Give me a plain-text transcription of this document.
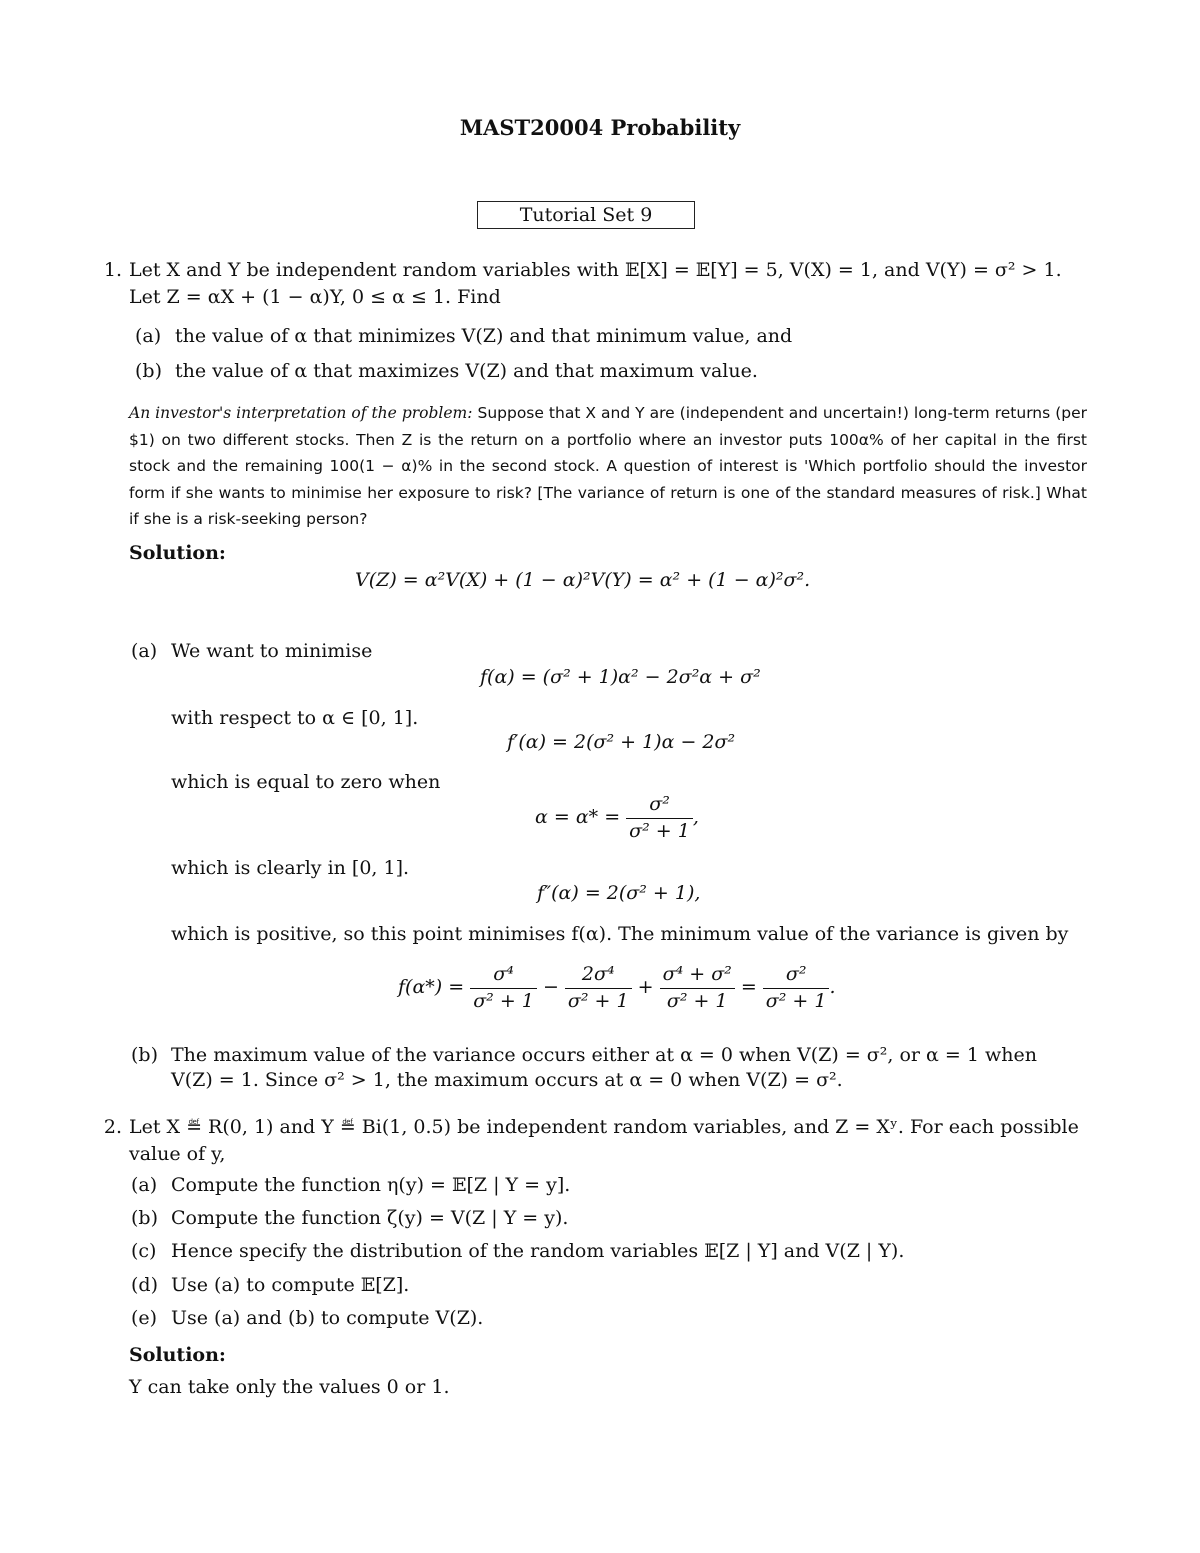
MAST20004 Probability
Tutorial Set 9
1. Let X and Y be independent random variables with 𝔼[X] = 𝔼[Y] = 5, V(X) = 1, and V(Y) = σ² > 1.
Let Z = αX + (1 − α)Y, 0 ≤ α ≤ 1. Find
(a) the value of α that minimizes V(Z) and that minimum value, and
(b) the value of α that maximizes V(Z) and that maximum value.
An investor's interpretation of the problem: Suppose that X and Y are (independent and uncertain!) long-term returns (per $1) on two different stocks. Then Z is the return on a portfolio where an investor puts 100α% of her capital in the first stock and the remaining 100(1 − α)% in the second stock. A question of interest is 'Which portfolio should the investor form if she wants to minimise her exposure to risk? [The variance of return is one of the standard measures of risk.] What if she is a risk-seeking person?
Solution:
V(Z) = α²V(X) + (1 − α)²V(Y) = α² + (1 − α)²σ².
(a) We want to minimise
f(α) = (σ² + 1)α² − 2σ²α + σ²
with respect to α ∈ [0, 1].
f′(α) = 2(σ² + 1)α − 2σ²
which is equal to zero when
$\alpha = \alpha* = \frac{\text{σ²}}{\text{σ² + 1}}$ ,
which is clearly in [0, 1].
f″(α) = 2(σ² + 1),
which is positive, so this point minimises f(α). The minimum value of the variance is given by
$f(\alpha*) = \frac{\text{σ⁴}}{\text{σ² + 1}} - \frac{\text{2σ⁴}}{\text{σ² + 1}} + \frac{\text{σ⁴ + σ²}}{\text{σ² + 1}} = \frac{\text{σ²}}{\text{σ² + 1}}$ .
(b) The maximum value of the variance occurs either at α = 0 when V(Z) = σ², or α = 1 when
V(Z) = 1. Since σ² > 1, the maximum occurs at α = 0 when V(Z) = σ².
2. Let X ≝ R(0, 1) and Y ≝ Bi(1, 0.5) be independent random variables, and Z = Xʸ. For each possible
value of y,
(a) Compute the function η(y) = 𝔼[Z | Y = y].
(b) Compute the function ζ(y) = V(Z | Y = y).
(c) Hence specify the distribution of the random variables 𝔼[Z | Y] and V(Z | Y).
(d) Use (a) to compute 𝔼[Z].
(e) Use (a) and (b) to compute V(Z).
Solution:
Y can take only the values 0 or 1.
